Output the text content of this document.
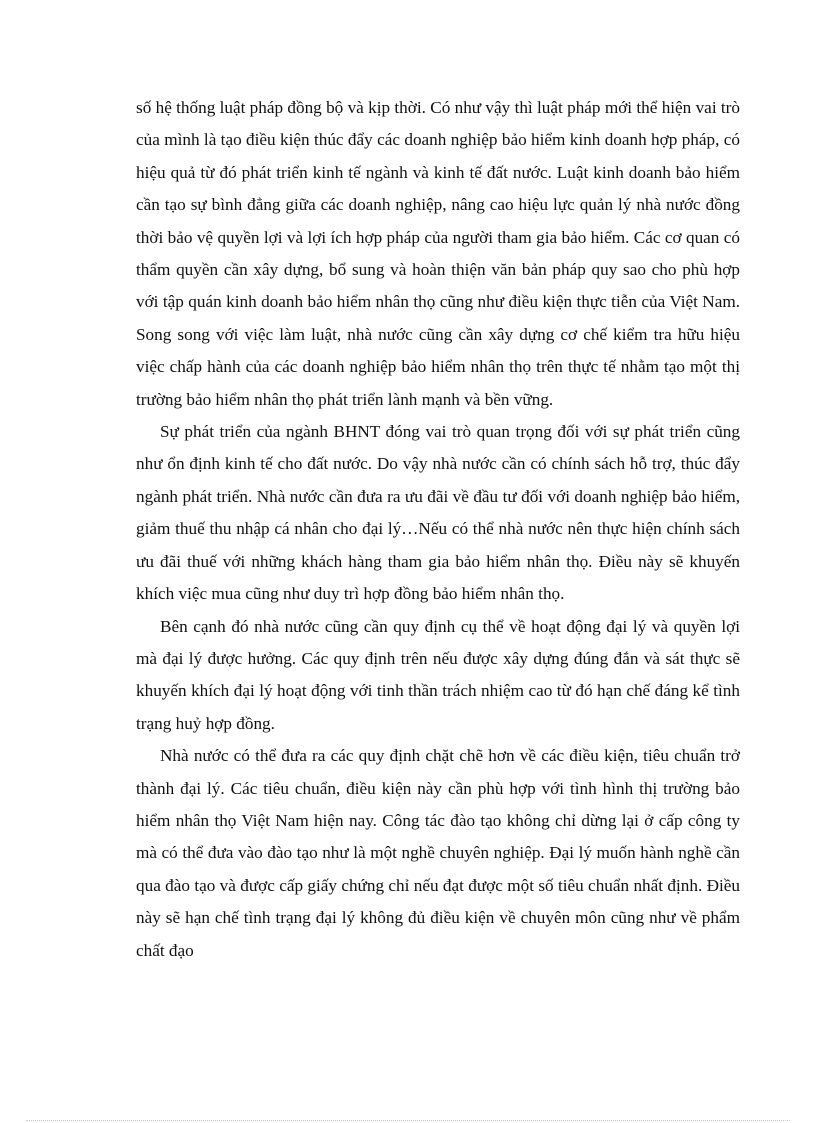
số hệ thống luật pháp đồng bộ và kịp thời. Có như vậy thì luật pháp mới thể hiện vai trò của mình là tạo điều kiện thúc đẩy các doanh nghiệp bảo hiểm kinh doanh hợp pháp, có hiệu quả từ đó phát triển kinh tế ngành và kinh tế đất nước. Luật kinh doanh bảo hiểm cần tạo sự bình đẳng giữa các doanh nghiệp, nâng cao hiệu lực quản lý nhà nước đồng thời bảo vệ quyền lợi và lợi ích hợp pháp của người tham gia bảo hiểm. Các cơ quan có thẩm quyền cần xây dựng, bổ sung và hoàn thiện văn bản pháp quy sao cho phù hợp với tập quán kinh doanh bảo hiểm nhân thọ cũng như điều kiện thực tiễn của Việt Nam. Song song với việc làm luật, nhà nước cũng cần xây dựng cơ chế kiểm tra hữu hiệu việc chấp hành của các doanh nghiệp bảo hiểm nhân thọ trên thực tế nhằm tạo một thị trường bảo hiểm nhân thọ phát triển lành mạnh và bền vững.

Sự phát triển của ngành BHNT đóng vai trò quan trọng đối với sự phát triển cũng như ổn định kinh tế cho đất nước. Do vậy nhà nước cần có chính sách hỗ trợ, thúc đẩy ngành phát triển. Nhà nước cần đưa ra ưu đãi về đầu tư đối với doanh nghiệp bảo hiểm, giảm thuế thu nhập cá nhân cho đại lý…Nếu có thể nhà nước nên thực hiện chính sách ưu đãi thuế với những khách hàng tham gia bảo hiểm nhân thọ. Điều này sẽ khuyến khích việc mua cũng như duy trì hợp đồng bảo hiểm nhân thọ.

Bên cạnh đó nhà nước cũng cần quy định cụ thể về hoạt động đại lý và quyền lợi mà đại lý được hưởng. Các quy định trên nếu được xây dựng đúng đắn và sát thực sẽ khuyến khích đại lý hoạt động với tinh thần trách nhiệm cao từ đó hạn chế đáng kể tình trạng huỷ hợp đồng.

Nhà nước có thể đưa ra các quy định chặt chẽ hơn về các điều kiện, tiêu chuẩn trở thành đại lý. Các tiêu chuẩn, điều kiện này cần phù hợp với tình hình thị trường bảo hiểm nhân thọ Việt Nam hiện nay. Công tác đào tạo không chỉ dừng lại ở cấp công ty mà có thể đưa vào đào tạo như là một nghề chuyên nghiệp. Đại lý muốn hành nghề cần qua đào tạo và được cấp giấy chứng chỉ nếu đạt được một số tiêu chuẩn nhất định. Điều này sẽ hạn chế tình trạng đại lý không đủ điều kiện về chuyên môn cũng như về phẩm chất đạo
